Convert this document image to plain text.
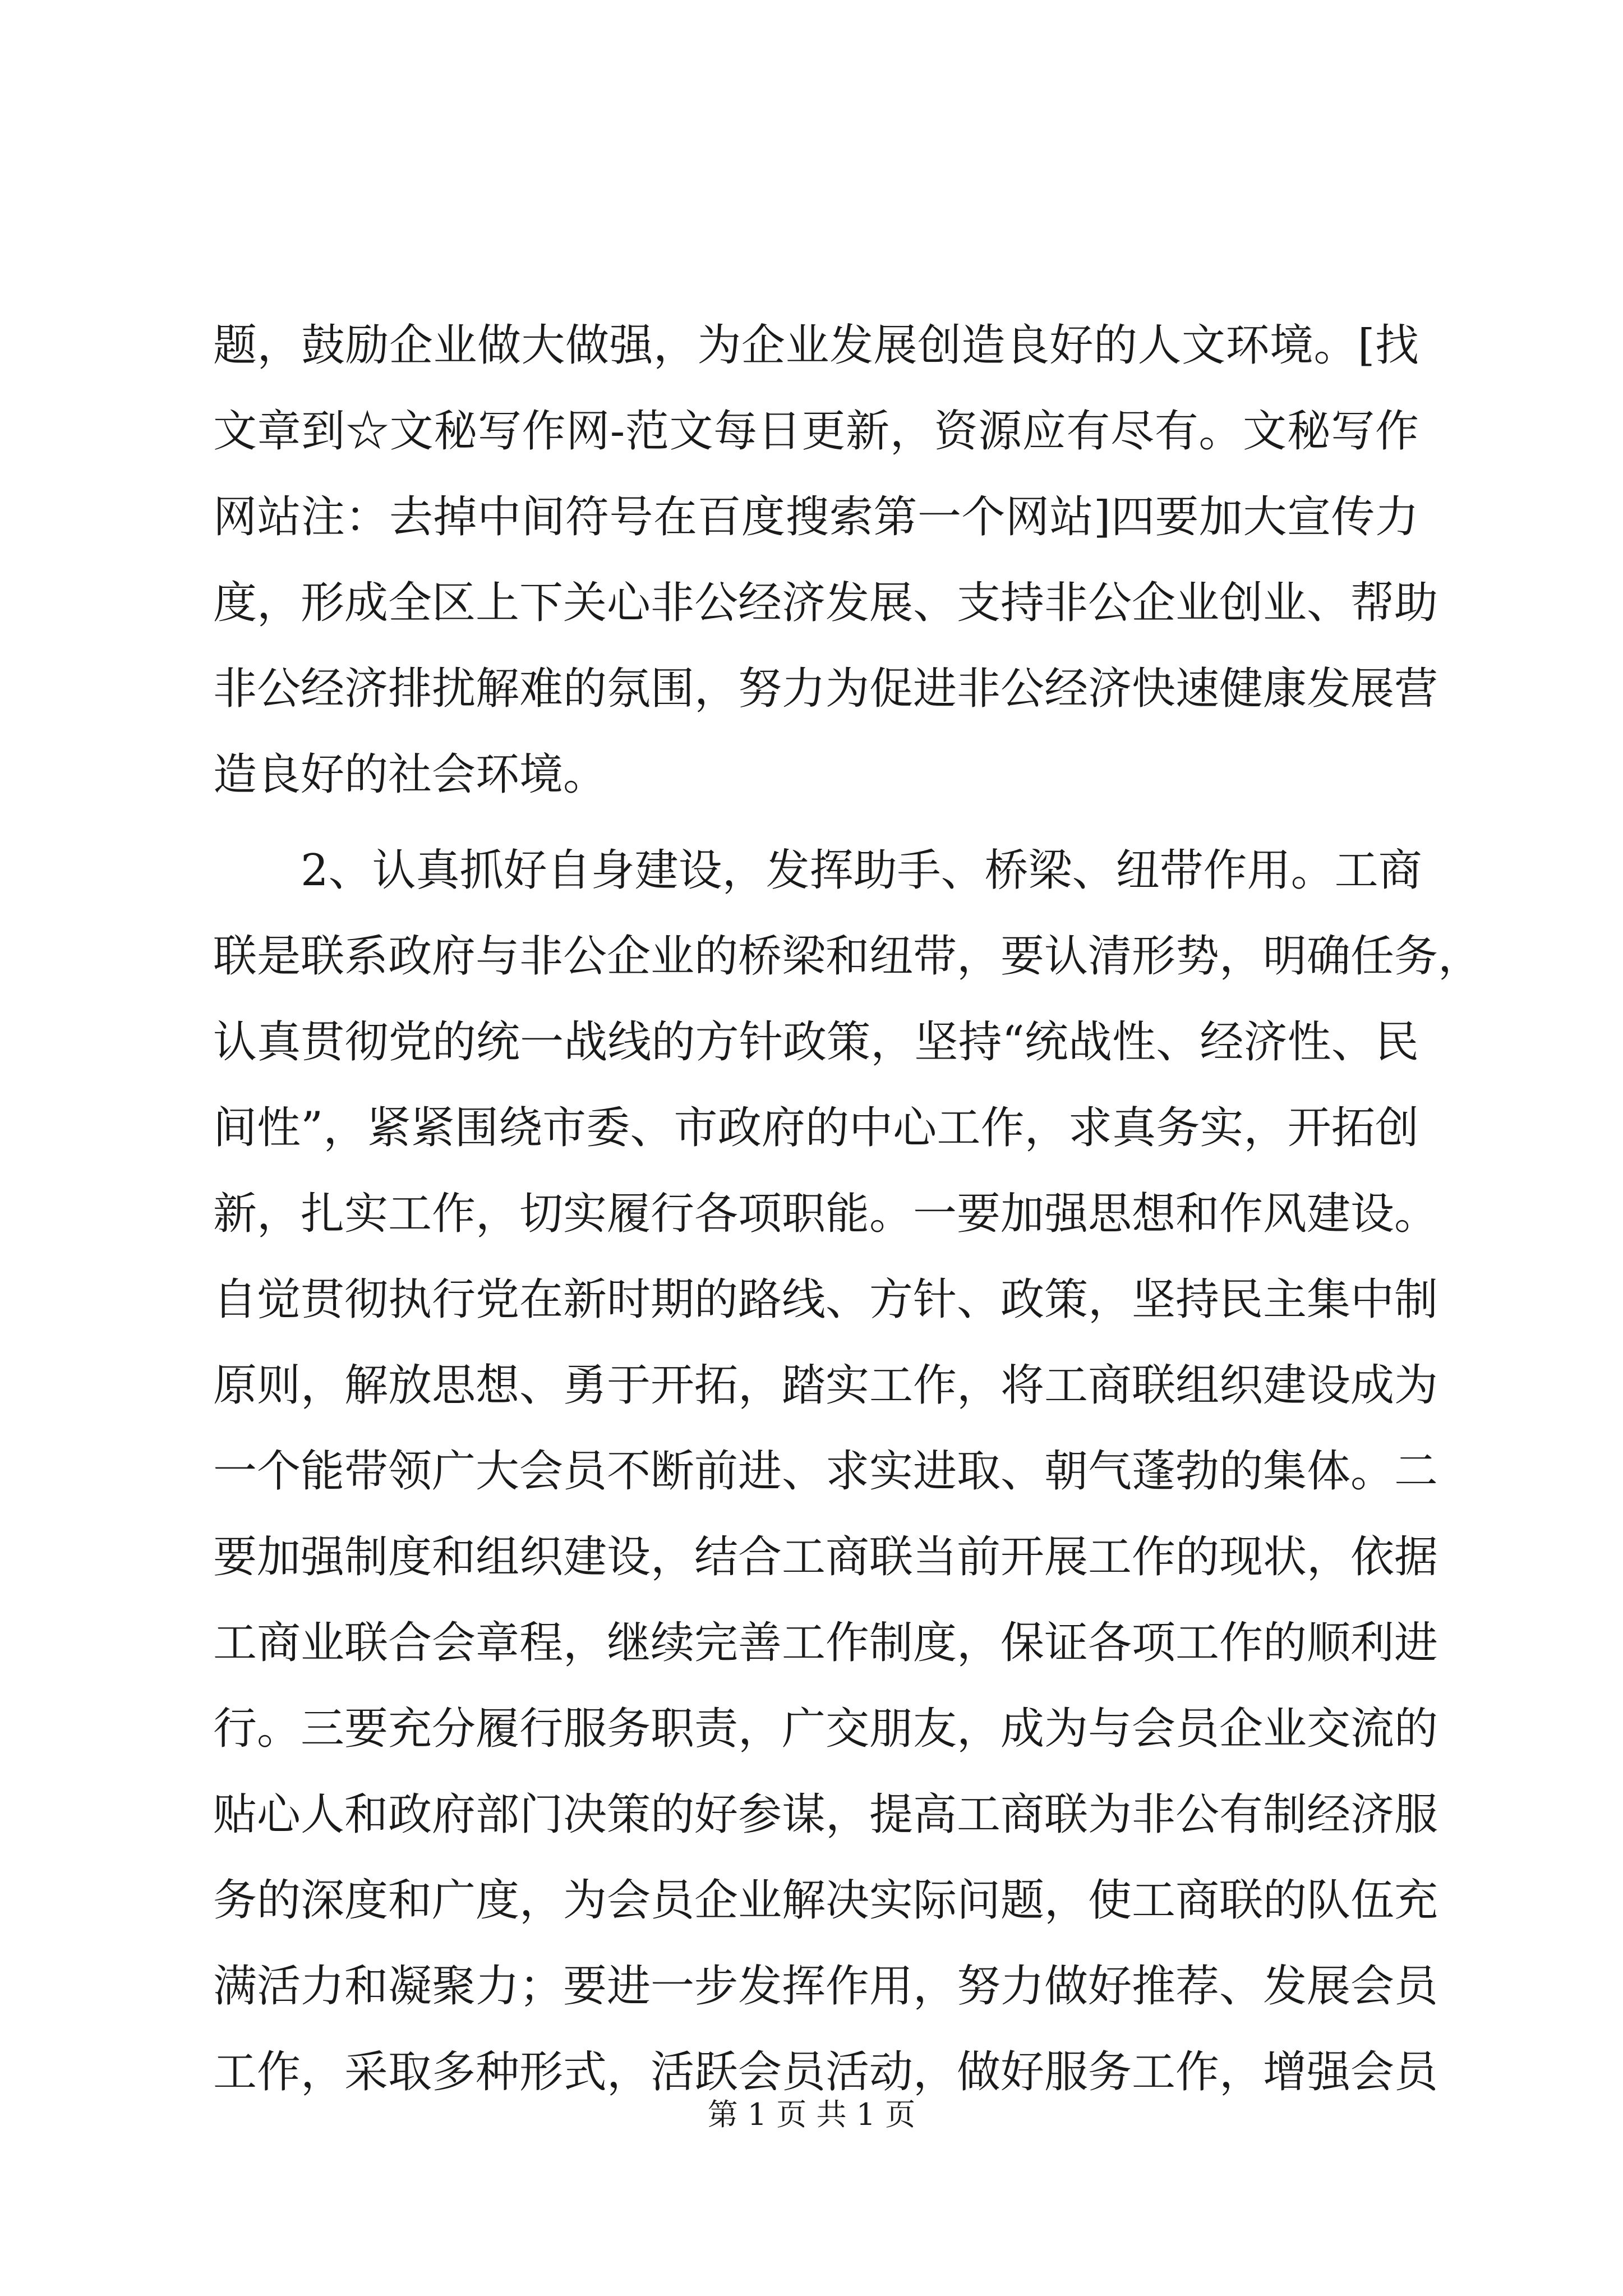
题，鼓励企业做大做强，为企业发展创造良好的人文环境。[找
文章到☆文秘写作网-范文每日更新，资源应有尽有。文秘写作
网站注：去掉中间符号在百度搜索第一个网站]四要加大宣传力
度，形成全区上下关心非公经济发展、支持非公企业创业、帮助
非公经济排扰解难的氛围，努力为促进非公经济快速健康发展营
造良好的社会环境。
2、认真抓好自身建设，发挥助手、桥梁、纽带作用。工商
联是联系政府与非公企业的桥梁和纽带，要认清形势，明确任务，
认真贯彻党的统一战线的方针政策，坚持“统战性、经济性、民
间性”，紧紧围绕市委、市政府的中心工作，求真务实，开拓创
新，扎实工作，切实履行各项职能。一要加强思想和作风建设。
自觉贯彻执行党在新时期的路线、方针、政策，坚持民主集中制
原则，解放思想、勇于开拓，踏实工作，将工商联组织建设成为
一个能带领广大会员不断前进、求实进取、朝气蓬勃的集体。二
要加强制度和组织建设，结合工商联当前开展工作的现状，依据
工商业联合会章程，继续完善工作制度，保证各项工作的顺利进
行。三要充分履行服务职责，广交朋友，成为与会员企业交流的
贴心人和政府部门决策的好参谋，提高工商联为非公有制经济服
务的深度和广度，为会员企业解决实际问题，使工商联的队伍充
满活力和凝聚力；要进一步发挥作用，努力做好推荐、发展会员
工作，采取多种形式，活跃会员活动，做好服务工作，增强会员
第 1 页 共 1 页
